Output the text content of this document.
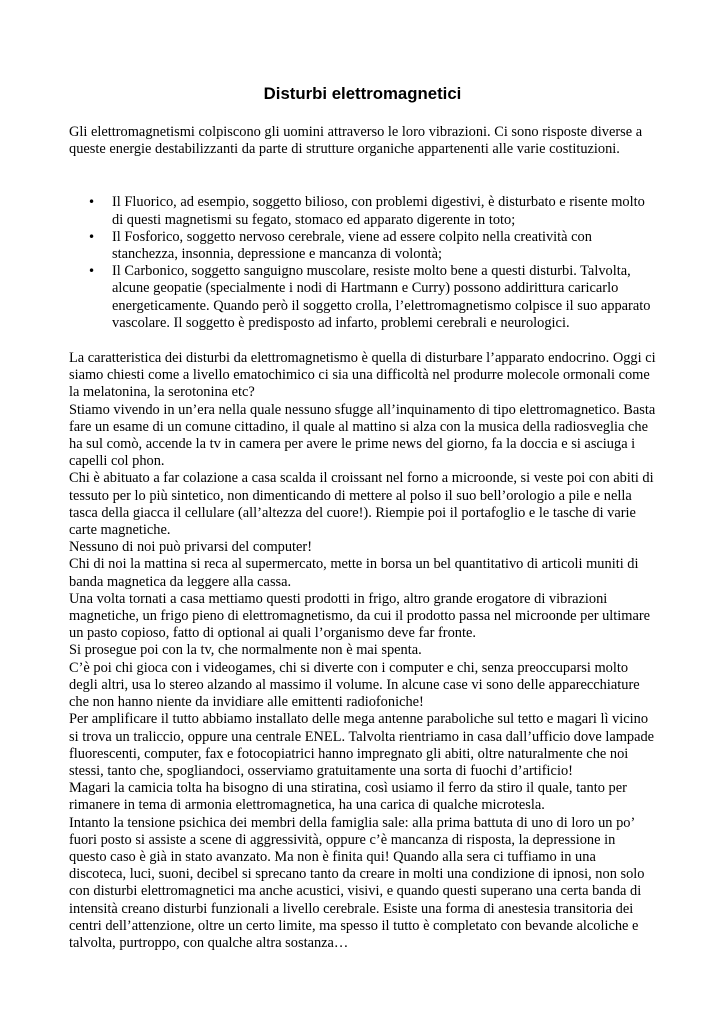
Disturbi elettromagnetici

Gli elettromagnetismi colpiscono gli uomini attraverso le loro vibrazioni. Ci sono risposte diverse a queste energie destabilizzanti da parte di strutture organiche appartenenti alle varie costituzioni.

• Il Fluorico, ad esempio, soggetto bilioso, con problemi digestivi, è disturbato e risente molto di questi magnetismi su fegato, stomaco ed apparato digerente in toto;
• Il Fosforico, soggetto nervoso cerebrale, viene ad essere colpito nella creatività con stanchezza, insonnia, depressione e mancanza di volontà;
• Il Carbonico, soggetto sanguigno muscolare, resiste molto bene a questi disturbi. Talvolta, alcune geopatie (specialmente i nodi di Hartmann e Curry) possono addirittura caricarlo energeticamente. Quando però il soggetto crolla, l’elettromagnetismo colpisce il suo apparato vascolare. Il soggetto è predisposto ad infarto, problemi cerebrali e neurologici.

La caratteristica dei disturbi da elettromagnetismo è quella di disturbare l’apparato endocrino. Oggi ci siamo chiesti come a livello ematochimico ci sia una difficoltà nel produrre molecole ormonali come la melatonina, la serotonina etc?

Stiamo vivendo in un’era nella quale nessuno sfugge all’inquinamento di tipo elettromagnetico. Basta fare un esame di un comune cittadino, il quale al mattino si alza con la musica della radiosveglia che ha sul comò, accende la tv in camera per avere le prime news del giorno, fa la doccia e si asciuga i capelli col phon.

Chi è abituato a far colazione a casa scalda il croissant nel forno a microonde, si veste poi con abiti di tessuto per lo più sintetico, non dimenticando di mettere al polso il suo bell’orologio a pile e nella tasca della giacca il cellulare (all’altezza del cuore!). Riempie poi il portafoglio e le tasche di varie carte magnetiche.

Nessuno di noi può privarsi del computer!

Chi di noi la mattina si reca al supermercato, mette in borsa un bel quantitativo di articoli muniti di banda magnetica da leggere alla cassa.

Una volta tornati a casa mettiamo questi prodotti in frigo, altro grande erogatore di vibrazioni magnetiche, un frigo pieno di elettromagnetismo, da cui il prodotto passa nel microonde per ultimare un pasto copioso, fatto di optional ai quali l’organismo deve far fronte.

Si prosegue poi con la tv, che normalmente non è mai spenta.

C’è poi chi gioca con i videogames, chi si diverte con i computer e chi, senza preoccuparsi molto degli altri, usa lo stereo alzando al massimo il volume. In alcune case vi sono delle apparecchiature che non hanno niente da invidiare alle emittenti radiofoniche!

Per amplificare il tutto abbiamo installato delle mega antenne paraboliche sul tetto e magari lì vicino si trova un traliccio, oppure una centrale ENEL. Talvolta rientriamo in casa dall’ufficio dove lampade fluorescenti, computer, fax e fotocopiatrici hanno impregnato gli abiti, oltre naturalmente che noi stessi, tanto che, spogliandoci, osserviamo gratuitamente una sorta di fuochi d’artificio!

Magari la camicia tolta ha bisogno di una stiratina, così usiamo il ferro da stiro il quale, tanto per rimanere in tema di armonia elettromagnetica, ha una carica di qualche microtesla.

Intanto la tensione psichica dei membri della famiglia sale: alla prima battuta di uno di loro un po’ fuori posto si assiste a scene di aggressività, oppure c’è mancanza di risposta, la depressione in questo caso è già in stato avanzato. Ma non è finita qui! Quando alla sera ci tuffiamo in una discoteca, luci, suoni, decibel si sprecano tanto da creare in molti una condizione di ipnosi, non solo con disturbi elettromagnetici ma anche acustici, visivi, e quando questi superano una certa banda di intensità creano disturbi funzionali a livello cerebrale. Esiste una forma di anestesia transitoria dei centri dell’attenzione, oltre un certo limite, ma spesso il tutto è completato con bevande alcoliche e talvolta, purtroppo, con qualche altra sostanza…
